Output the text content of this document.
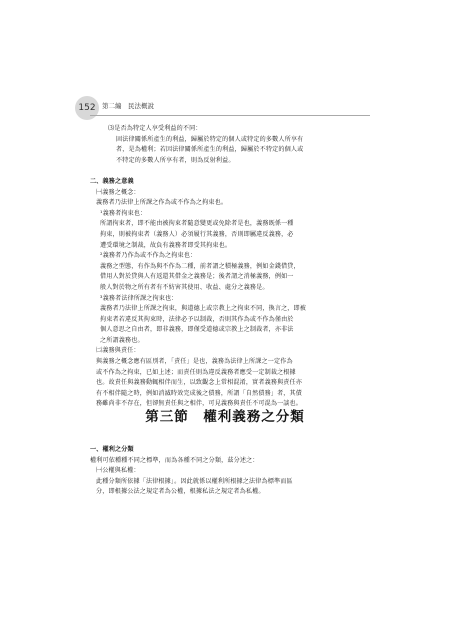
152 第二編　民法概說
⑶是否為特定人享受利益的不同：
固法律關係所產生的利益，歸屬於特定的個人或特定的多數人所享有
者，是為權利；若因法律關係所產生的利益，歸屬於不特定的個人或
不特定的多數人所享有者，則為反射利益。

二、義務之意義
㈠義務之概念：
義務者乃法律上所課之作為或不作為之拘束也。
¹義務者拘束也：
所謂拘束者，即不能由被拘束者隨意變更或免除者是也，義務既係一種
拘束，則被拘束者（義務人）必須履行其義務，否則即屬違反義務，必
遭受環境之制裁，故負有義務者即受其拘束也。
²義務者乃作為或不作為之拘束也：
義務之型態，有作為與不作為二種，前者謂之積極義務，例如金錢借貸，
借用人對於貸與人有返還其借金之義務是；後者謂之消極義務，例如一
般人對於物之所有者有不妨害其使用、收益、處分之義務是。
³義務者法律所課之拘束也：
義務者乃法律上所課之拘束，與道德上或宗教上之拘束不同，換言之，即被
拘束者若違反其拘束時，法律必予以制裁，否則其作為或不作為僅由於
個人意思之自由者，即非義務，即僅受道德或宗教上之制裁者，亦非法
之所謂義務也。
㈡義務與責任：
與義務之概念應有區別者，「責任」是也，義務為法律上所課之一定作為
或不作為之拘束，已如上述；而責任則為違反義務者應受一定制裁之根據
也。故責任與義務動輒相伴而生，以致觀念上常相混淆，實者義務與責任亦
有不相伴隨之時，例如消滅時效完成後之債務，所謂「自然債務」者，其債
務雖尚非不存在，但卻無責任與之相伴，可見義務與責任不可混為一談也。
第三節　權利義務之分類
一、權利之分類
權利可依種種不同之標準，而為各種不同之分類，茲分述之：
㈠公權與私權：
此種分類所依據「法律根據」。因此就係以權利所根據之法律為標準而區
分，即根據公法之規定者為公權，根據私法之規定者為私權。
